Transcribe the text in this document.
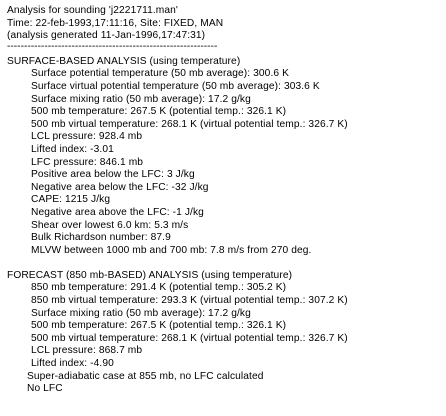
Analysis for sounding 'j2221711.man'
Time: 22-feb-1993,17:11:16, Site: FIXED, MAN
(analysis generated 11-Jan-1996,17:47:31)
--------------------------------------------------------------
SURFACE-BASED ANALYSIS (using temperature)
Surface potential temperature (50 mb average): 300.6 K
Surface virtual potential temperature (50 mb average): 303.6 K
Surface mixing ratio (50 mb average): 17.2 g/kg
500 mb temperature: 267.5 K (potential temp.: 326.1 K)
500 mb virtual temperature: 268.1 K (virtual potential temp.: 326.7 K)
LCL pressure: 928.4 mb
Lifted index: -3.01
LFC pressure: 846.1 mb
Positive area below the LFC: 3 J/kg
Negative area below the LFC: -32 J/kg
CAPE: 1215 J/kg
Negative area above the LFC: -1 J/kg
Shear over lowest 6.0 km: 5.3 m/s
Bulk Richardson number: 87.9
MLVW between 1000 mb and 700 mb: 7.8 m/s from 270 deg.
FORECAST (850 mb-BASED) ANALYSIS (using temperature)
850 mb temperature: 291.4 K (potential temp.: 305.2 K)
850 mb virtual temperature: 293.3 K (virtual potential temp.: 307.2 K)
Surface mixing ratio (50 mb average): 17.2 g/kg
500 mb temperature: 267.5 K (potential temp.: 326.1 K)
500 mb virtual temperature: 268.1 K (virtual potential temp.: 326.7 K)
LCL pressure: 868.7 mb
Lifted index: -4.90
Super-adiabatic case at 855 mb, no LFC calculated
No LFC
